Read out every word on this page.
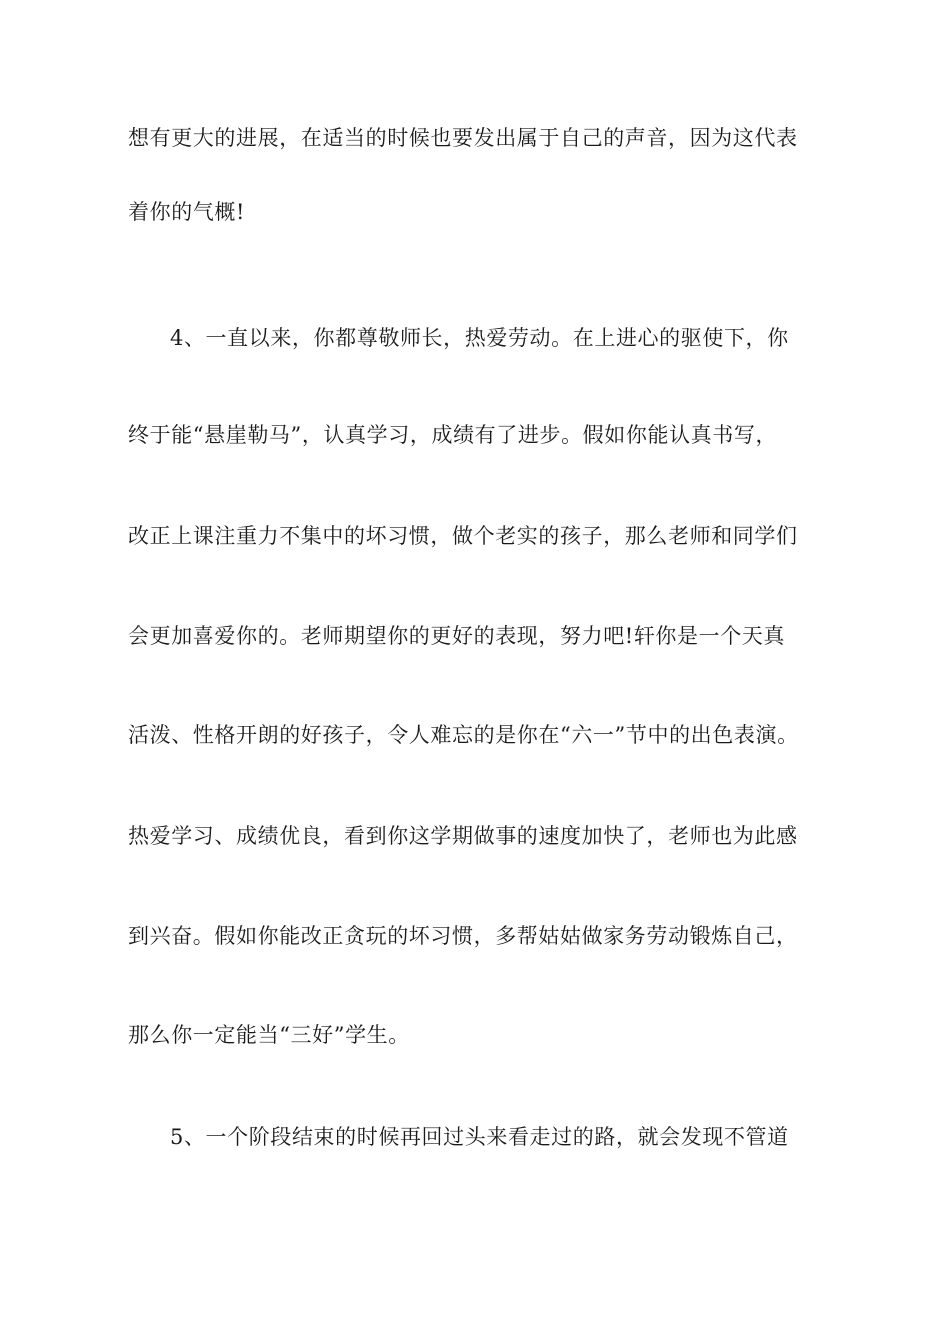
想有更大的进展，在适当的时候也要发出属于自己的声音，因为这代表
着你的气概!
4、一直以来，你都尊敬师长，热爱劳动。在上进心的驱使下，你
终于能“悬崖勒马”，认真学习，成绩有了进步。假如你能认真书写，
改正上课注重力不集中的坏习惯，做个老实的孩子，那么老师和同学们
会更加喜爱你的。老师期望你的更好的表现，努力吧!轩你是一个天真
活泼、性格开朗的好孩子，令人难忘的是你在“六一”节中的出色表演。
热爱学习、成绩优良，看到你这学期做事的速度加快了，老师也为此感
到兴奋。假如你能改正贪玩的坏习惯，多帮姑姑做家务劳动锻炼自己，
那么你一定能当“三好”学生。
5、一个阶段结束的时候再回过头来看走过的路，就会发现不管道
